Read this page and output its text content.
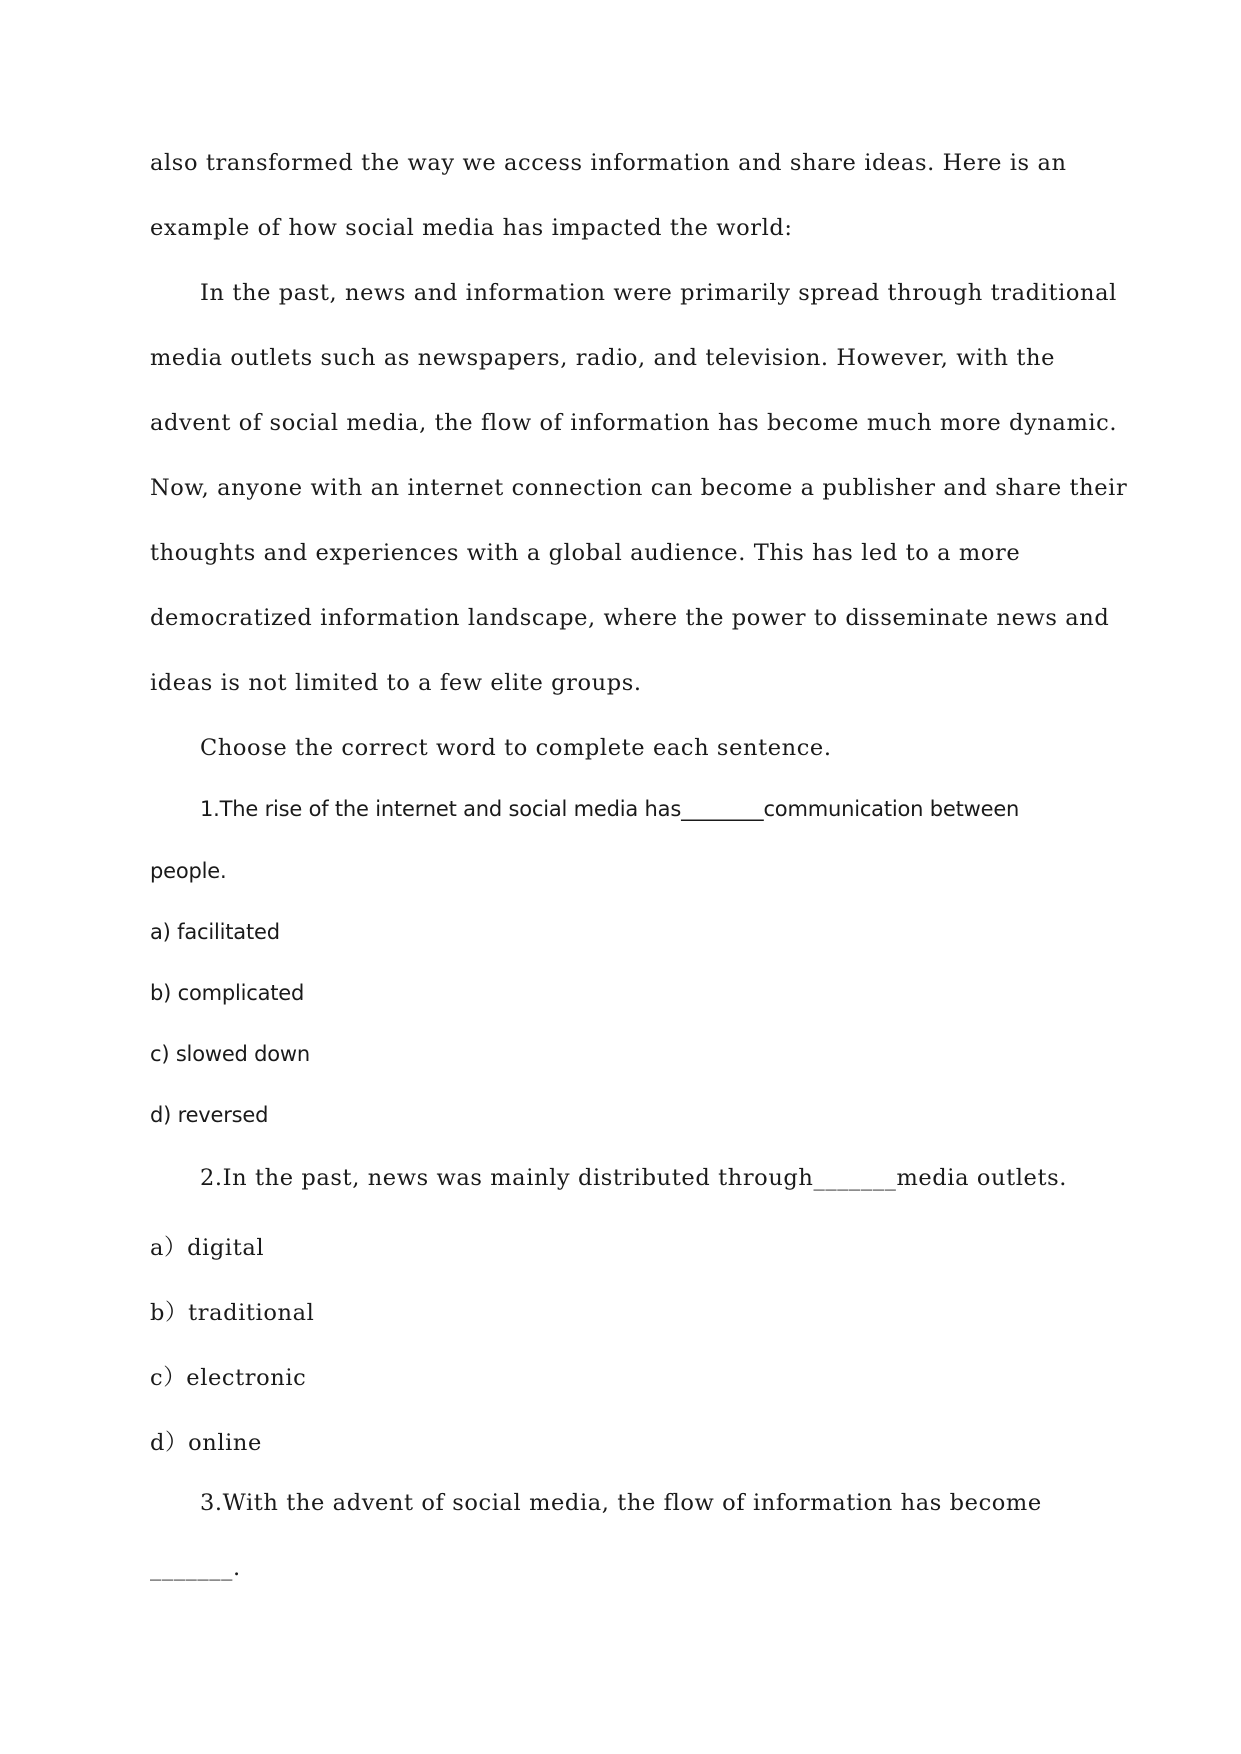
also transformed the way we access information and share ideas. Here is an

example of how social media has impacted the world:

In the past, news and information were primarily spread through traditional

media outlets such as newspapers, radio, and television. However, with the

advent of social media, the flow of information has become much more dynamic.

Now, anyone with an internet connection can become a publisher and share their

thoughts and experiences with a global audience. This has led to a more

democratized information landscape, where the power to disseminate news and

ideas is not limited to a few elite groups.

Choose the correct word to complete each sentence.

1.The rise of the internet and social media has________communication between

people.

a) facilitated

b) complicated

c) slowed down

d) reversed

2.In the past, news was mainly distributed through_______media outlets.

a）digital

b）traditional

c）electronic

d）online

3.With the advent of social media, the flow of information has become

_______.
